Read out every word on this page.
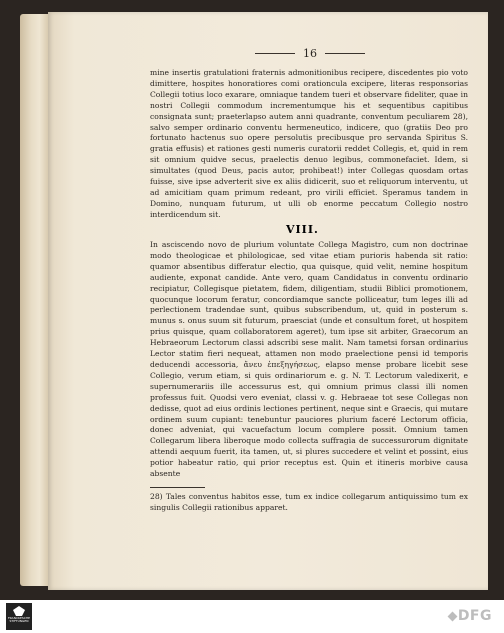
16

mine insertis gratulationi fraternis admonitionibus recipere, discedentes pio voto dimittere, hospites honoratiores comi orationcula excipere, literas responsorias Collegii totius loco exarare, omniaque tandem tueri et observare fideliter, quae in nostri Collegii commodum incrementumque his et sequentibus capitibus consignata sunt; praeterlapso autem anni quadrante, conventum peculiarem 28), salvo semper ordinario conventu hermeneutico, indicere, quo (gratiis Deo pro fortunato hactenus suo opere persolutis precibusque pro servanda Spiritus S. gratia effusis) et rationes gesti numeris curatorii reddet Collegis, et, quid in rem sit omnium quidve secus, praelectis denuo legibus, commonefaciet. Idem, si simultates (quod Deus, pacis autor, prohibeat!) inter Collegas quosdam ortas fuisse, sive ipse adverterit sive ex aliis didicerit, suo et reliquorum interventu, ut ad amicitiam quam primum redeant, pro virili efficiet. Speramus tandem in Domino, nunquam futurum, ut ulli ob enorme peccatum Collegio nostro interdicendum sit.

VIII.

In asciscendo novo de plurium voluntate Collega Magistro, cum non doctrinae modo theologicae et philologicae, sed vitae etiam purioris habenda sit ratio: quamor absentibus differatur electio, qua quisque, quid velit, nemine hospitum audiente, exponat candide. Ante vero, quam Candidatus in conventu ordinario recipiatur, Collegisque pietatem, fidem, diligentiam, studii Biblici promotionem, quocunque locorum feratur, concordiamque sancte polliceatur, tum leges illi ad perlectionem tradendae sunt, quibus subscribendum, ut, quid in posterum s. munus s. onus suum sit futurum, praesciat (unde et consultum foret, ut hospitem prius quisque, quam collaboratorem ageret), tum ipse sit arbiter, Graecorum an Hebraeorum Lectorum classi adscribi sese malit. Nam tametsi forsan ordinarius Lector statim fieri nequeat, attamen non modo praelectione pensi id temporis deducendi accessoria, ἄνευ ἐπεξηγήσεως, elapso mense probare licebit sese Collegio, verum etiam, si quis ordinariorum e. g. N. T. Lectorum valedixerit, e supernumerariis ille accessurus est, qui omnium primus classi illi nomen professus fuit. Quodsi vero eveniat, classi v. g. Hebraeae tot sese Collegas non dedisse, quot ad eius ordinis lectiones pertinent, neque sint e Graecis, qui mutare ordinem suum cupiant: tenebuntur pauciores plurium faceré Lectorum officia, donec adveniat, qui vacuefactum locum complere possit. Omnium tamen Collegarum libera liberoque modo collecta suffragia de successurorum dignitate attendi aequum fuerit, ita tamen, ut, si plures succedere et velint et possint, eius potior habeatur ratio, qui prior receptus est. Quin et itineris morbive causa absente

28) Tales conventus habitos esse, tum ex indice collegarum antiquissimo tum ex singulis Collegii rationibus apparet.

FRANCKESCHE STIFTUNGEN	DFG
